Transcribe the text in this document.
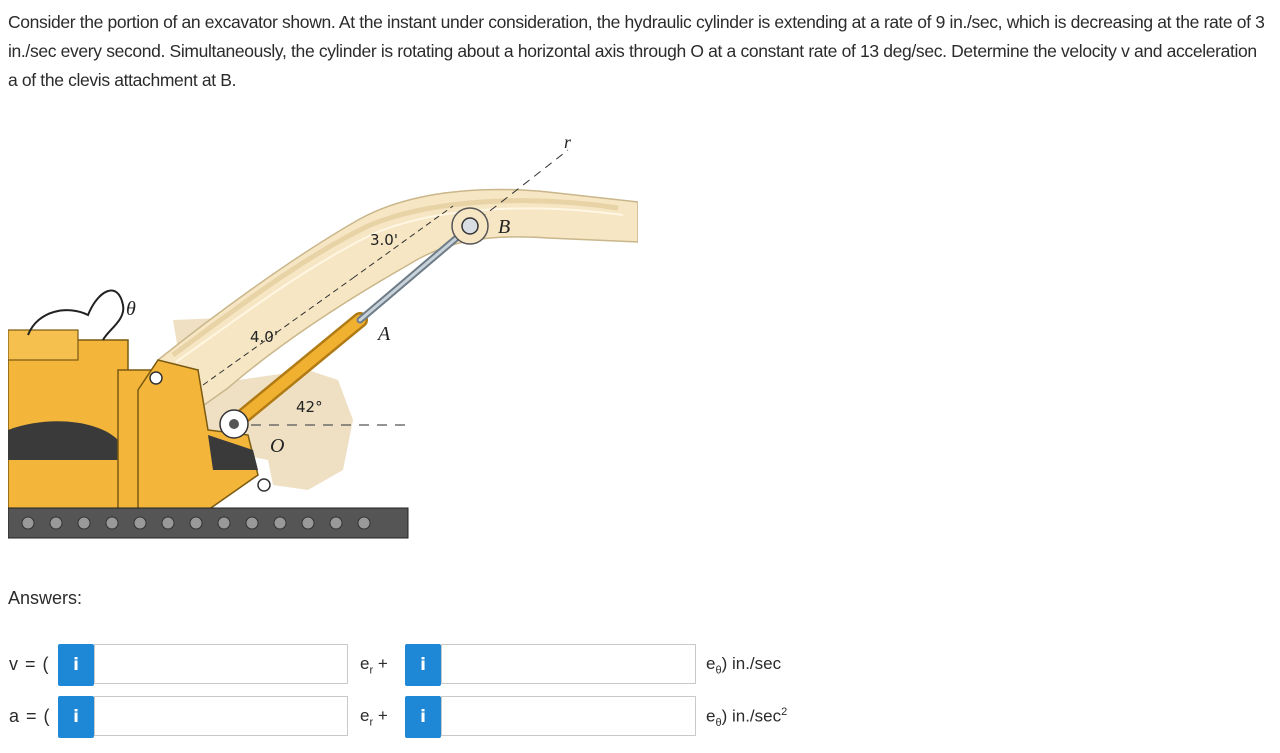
Consider the portion of an excavator shown. At the instant under consideration, the hydraulic cylinder is extending at a rate of 9 in./sec, which is decreasing at the rate of 3 in./sec every second. Simultaneously, the cylinder is rotating about a horizontal axis through O at a constant rate of 13 deg/sec. Determine the velocity v and acceleration a of the clevis attachment at B.
r
B
A
O
θ
3.0'
4.0'
42°
Answers:
v = (	i	$e_r$ +	i	$e_\theta$) in./sec
a = (	i	$e_r$ +	i	$e_\theta$) $in./\sec^2$
